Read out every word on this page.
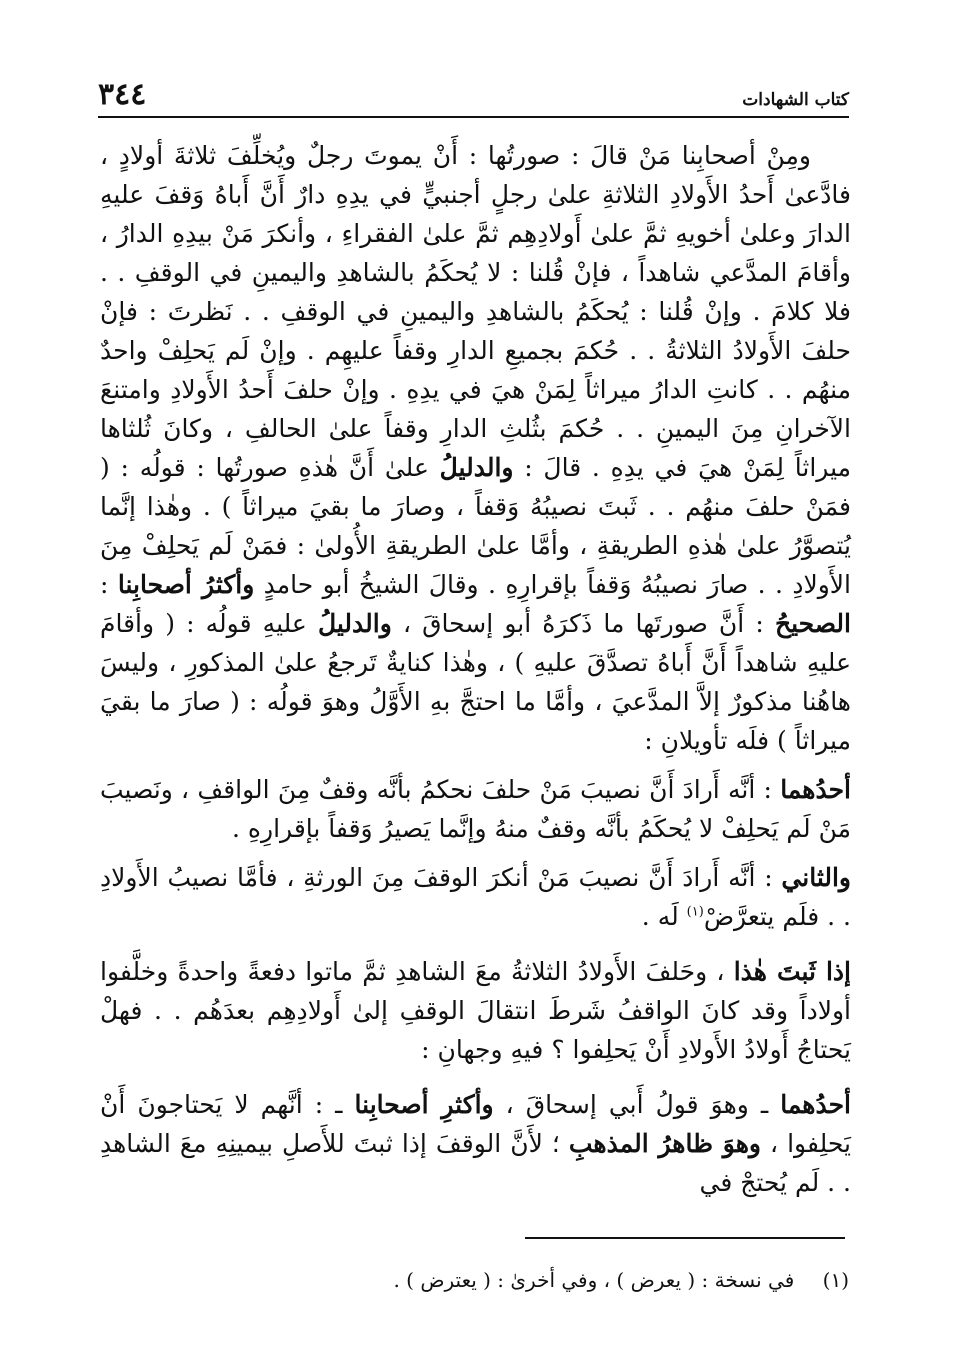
كتاب الشهادات
٣٤٤

ومِنْ أصحابِنا مَنْ قالَ : صورتُها : أَنْ يموتَ رجلٌ ويُخلِّفَ ثلاثةَ أولادٍ ، فادَّعىٰ أَحدُ الأَولادِ الثلاثةِ علىٰ رجلٍ أجنبيٍّ في يدِهِ دارٌ أَنَّ أَباهُ وَقفَ عليهِ الدارَ وعلىٰ أخويهِ ثمَّ علىٰ أَولادِهِم ثمَّ علىٰ الفقراءِ ، وأنكرَ مَنْ بيدِهِ الدارُ ، وأقامَ المدَّعي شاهداً ، فإنْ قُلنا : لا يُحكَمُ بالشاهدِ واليمينِ في الوقفِ . . فلا كلامَ . وإنْ قُلنا : يُحكَمُ بالشاهدِ واليمينِ في الوقفِ . . نَظرتَ : فإنْ حلفَ الأَولادُ الثلاثةُ . . حُكمَ بجميعِ الدارِ وقفاً عليهِم . وإنْ لَم يَحلِفْ واحدٌ منهُم . . كانتِ الدارُ ميراثاً لِمَنْ هيَ في يدِهِ . وإنْ حلفَ أَحدُ الأَولادِ وامتنعَ الآخرانِ مِنَ اليمينِ . . حُكمَ بثُلثِ الدارِ وقفاً علىٰ الحالفِ ، وكانَ ثُلثاها ميراثاً لِمَنْ هيَ في يدِهِ . قالَ : والدليلُ علىٰ أَنَّ هٰذهِ صورتُها : قولُه : ( فمَنْ حلفَ منهُم . . ثَبتَ نصيبُهُ وَقفاً ، وصارَ ما بقيَ ميراثاً ) . وهٰذا إنَّما يُتصوَّرُ علىٰ هٰذهِ الطريقةِ ، وأمَّا علىٰ الطريقةِ الأُولىٰ : فمَنْ لَم يَحلِفْ مِنَ الأَولادِ . . صارَ نصيبُهُ وَقفاً بإقرارِهِ . وقالَ الشيخُ أبو حامدٍ وأكثرُ أصحابِنا : الصحيحُ : أَنَّ صورتَها ما ذَكرَهُ أبو إسحاقَ ، والدليلُ عليهِ قولُه : ( وأقامَ عليهِ شاهداً أَنَّ أَباهُ تصدَّقَ عليهِ ) ، وهٰذا كنايةٌ تَرجعُ علىٰ المذكورِ ، وليسَ هاهُنا مذكورٌ إلاَّ المدَّعيَ ، وأمَّا ما احتجَّ بهِ الأَوَّلُ وهوَ قولُه : ( صارَ ما بقيَ ميراثاً ) فلَه تأويلانِ :

أحدُهما : أنَّه أَرادَ أَنَّ نصيبَ مَنْ حلفَ نحكمُ بأنَّه وقفٌ مِنَ الواقفِ ، ونَصيبَ مَنْ لَم يَحلِفْ لا يُحكَمُ بأنَّه وقفٌ منهُ وإنَّما يَصيرُ وَقفاً بإقرارِهِ .

والثاني : أنَّه أَرادَ أَنَّ نصيبَ مَنْ أنكرَ الوقفَ مِنَ الورثةِ ، فأمَّا نصيبُ الأَولادِ . . فلَم يتعرَّضْ$^{(١)}$ لَه .

إذا ثَبتَ هٰذا ، وحَلفَ الأَولادُ الثلاثةُ معَ الشاهدِ ثمَّ ماتوا دفعةً واحدةً وخلَّفوا أولاداً وقد كانَ الواقفُ شَرطَ انتقالَ الوقفِ إلىٰ أَولادِهِم بعدَهُم . . فهلْ يَحتاجُ أَولادُ الأَولادِ أَنْ يَحلِفوا ؟ فيهِ وجهانِ :

أحدُهما ـ وهوَ قولُ أَبي إسحاقَ ، وأكثرِ أصحابِنا ـ : أنَّهم لا يَحتاجونَ أَنْ يَحلِفوا ، وهوَ ظاهرُ المذهبِ ؛ لأَنَّ الوقفَ إذا ثبتَ للأَصلِ بيمينِهِ معَ الشاهدِ . . لَم يُحتجْ في

(١) في نسخة : ( يعرض ) ، وفي أخرىٰ : ( يعترض ) .
